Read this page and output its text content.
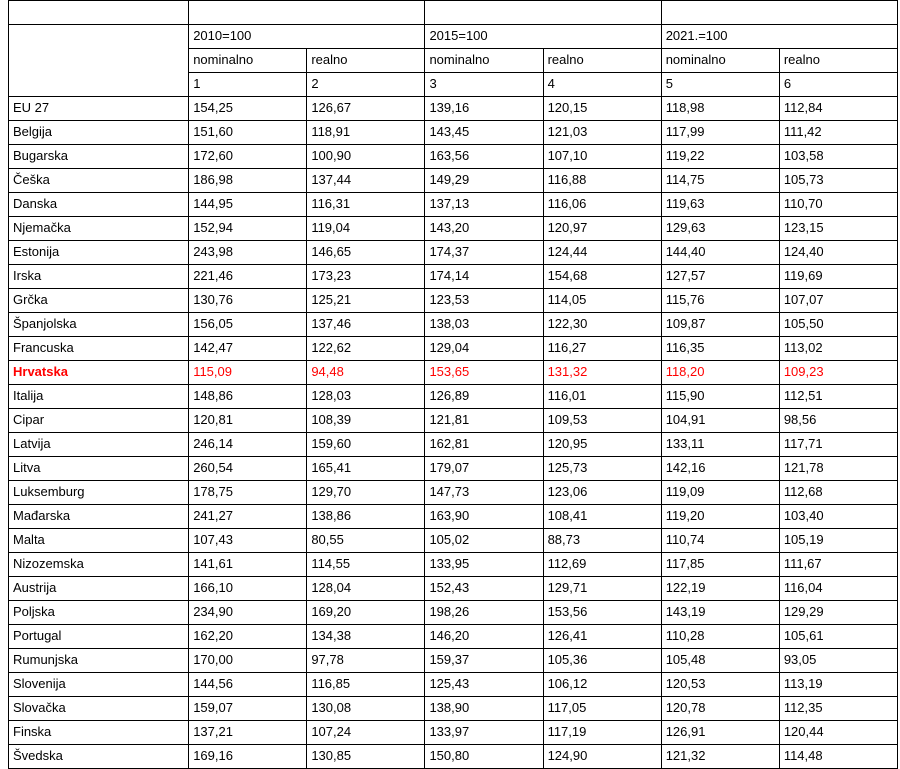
	2010=100		2015=100		2021.=100	
	nominalno	realno	nominalno	realno	nominalno	realno
	1	2	3	4	5	6
EU 27	154,25	126,67	139,16	120,15	118,98	112,84
Belgija	151,60	118,91	143,45	121,03	117,99	111,42
Bugarska	172,60	100,90	163,56	107,10	119,22	103,58
Češka	186,98	137,44	149,29	116,88	114,75	105,73
Danska	144,95	116,31	137,13	116,06	119,63	110,70
Njemačka	152,94	119,04	143,20	120,97	129,63	123,15
Estonija	243,98	146,65	174,37	124,44	144,40	124,40
Irska	221,46	173,23	174,14	154,68	127,57	119,69
Grčka	130,76	125,21	123,53	114,05	115,76	107,07
Španjolska	156,05	137,46	138,03	122,30	109,87	105,50
Francuska	142,47	122,62	129,04	116,27	116,35	113,02
Hrvatska	115,09	94,48	153,65	131,32	118,20	109,23
Italija	148,86	128,03	126,89	116,01	115,90	112,51
Cipar	120,81	108,39	121,81	109,53	104,91	98,56
Latvija	246,14	159,60	162,81	120,95	133,11	117,71
Litva	260,54	165,41	179,07	125,73	142,16	121,78
Luksemburg	178,75	129,70	147,73	123,06	119,09	112,68
Mađarska	241,27	138,86	163,90	108,41	119,20	103,40
Malta	107,43	80,55	105,02	88,73	110,74	105,19
Nizozemska	141,61	114,55	133,95	112,69	117,85	111,67
Austrija	166,10	128,04	152,43	129,71	122,19	116,04
Poljska	234,90	169,20	198,26	153,56	143,19	129,29
Portugal	162,20	134,38	146,20	126,41	110,28	105,61
Rumunjska	170,00	97,78	159,37	105,36	105,48	93,05
Slovenija	144,56	116,85	125,43	106,12	120,53	113,19
Slovačka	159,07	130,08	138,90	117,05	120,78	112,35
Finska	137,21	107,24	133,97	117,19	126,91	120,44
Švedska	169,16	130,85	150,80	124,90	121,32	114,48
